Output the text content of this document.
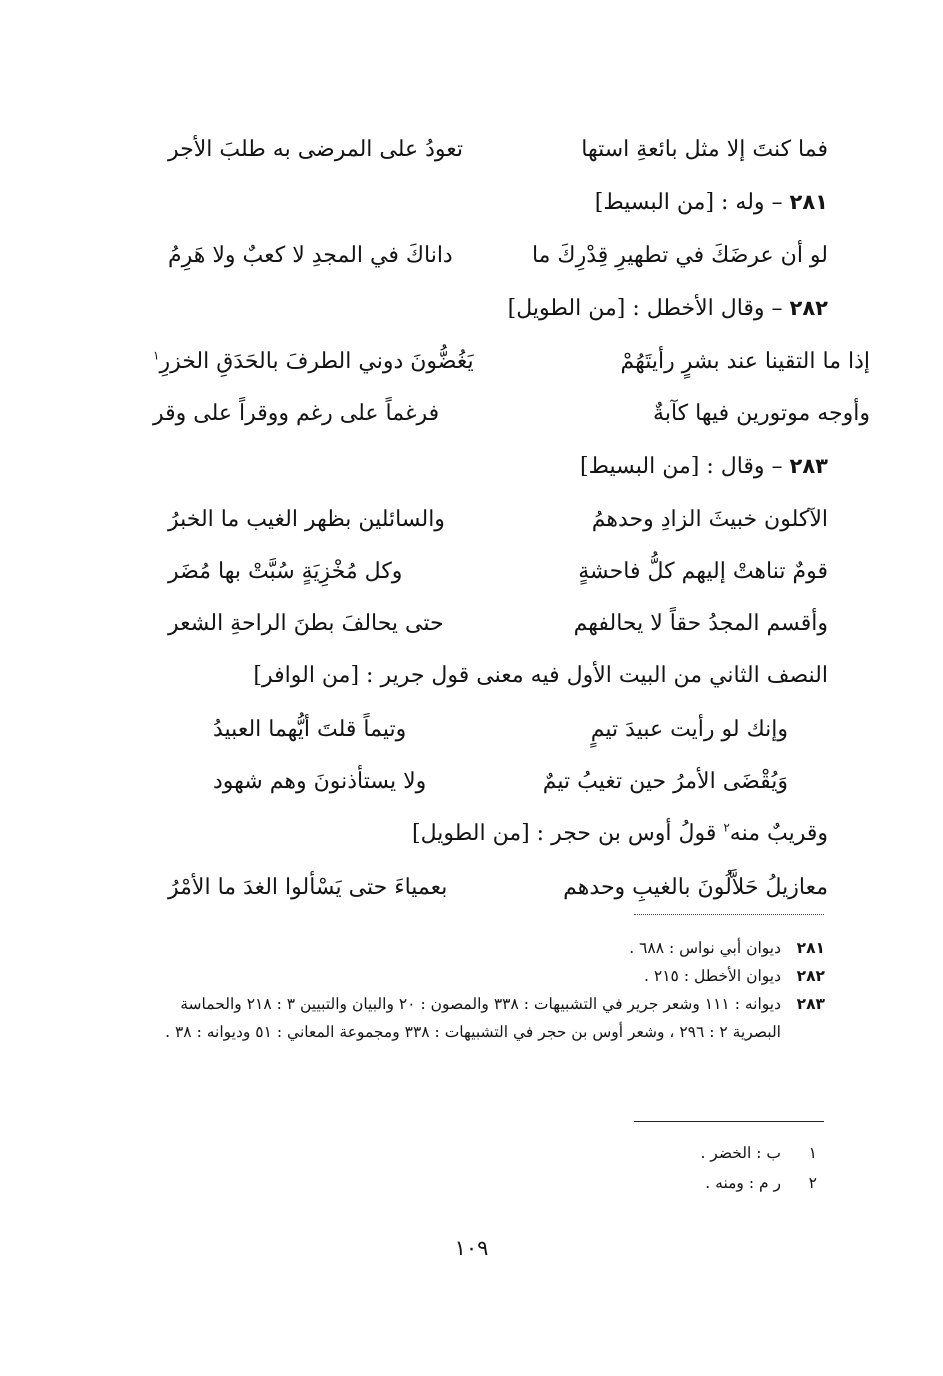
فما كنتَ إلا مثل بائعةِ استها
تعودُ على المرضى به طلبَ الأجر
٢٨١ – وله : [من البسيط]
لو أن عرضَكَ في تطهيرِ قِدْرِكَ ما
داناكَ في المجدِ لا كعبٌ ولا هَرِمُ
٢٨٢ – وقال الأخطل : [من الطويل]
إذا ما التقينا عند بشرٍ رأيتَهُمْ
يَغُضُّونَ دوني الطرفَ بالحَدَقِ الخزرِ$^١$
وأوجه موتورين فيها كآبةٌ
فرغماً على رغم ووقراً على وقر
٢٨٣ – وقال : [من البسيط]
الآكلون خبيثَ الزادِ وحدهمُ
والسائلين بظهر الغيب ما الخبرُ
قومٌ تناهتْ إليهم كلُّ فاحشةٍ
وكل مُخْزِيَةٍ سُبَّتْ بها مُضَر
وأقسم المجدُ حقاً لا يحالفهم
حتى يحالفَ بطنَ الراحةِ الشعر
النصف الثاني من البيت الأول فيه معنى قول جرير : [من الوافر]
وإنك لو رأيت عبيدَ تيمٍ
وتيماً قلتَ أيُّهما العبيدُ
وَيُقْضَى الأمرُ حين تغيبُ تيمٌ
ولا يستأذنونَ وهم شهود
وقريبٌ منه$^٢$ قولُ أوس بن حجر : [من الطويل]
معازيلُ حَلاَّلُونَ بالغيبِ وحدهم
بعمياءَ حتى يَسْألوا الغدَ ما الأمْرُ
٢٨١
ديوان أبي نواس : ٦٨٨ .
٢٨٢
ديوان الأخطل : ٢١٥ .
٢٨٣
ديوانه : ١١١ وشعر جرير في التشبيهات : ٣٣٨ والمصون : ٢٠ والبيان والتبيين ٣ : ٢١٨ والحماسة البصرية ٢ : ٢٩٦ ، وشعر أوس بن حجر في التشبيهات : ٣٣٨ ومجموعة المعاني : ٥١ وديوانه : ٣٨ .
١
ب : الخضر .
٢
ر م : ومنه .
١٠٩
